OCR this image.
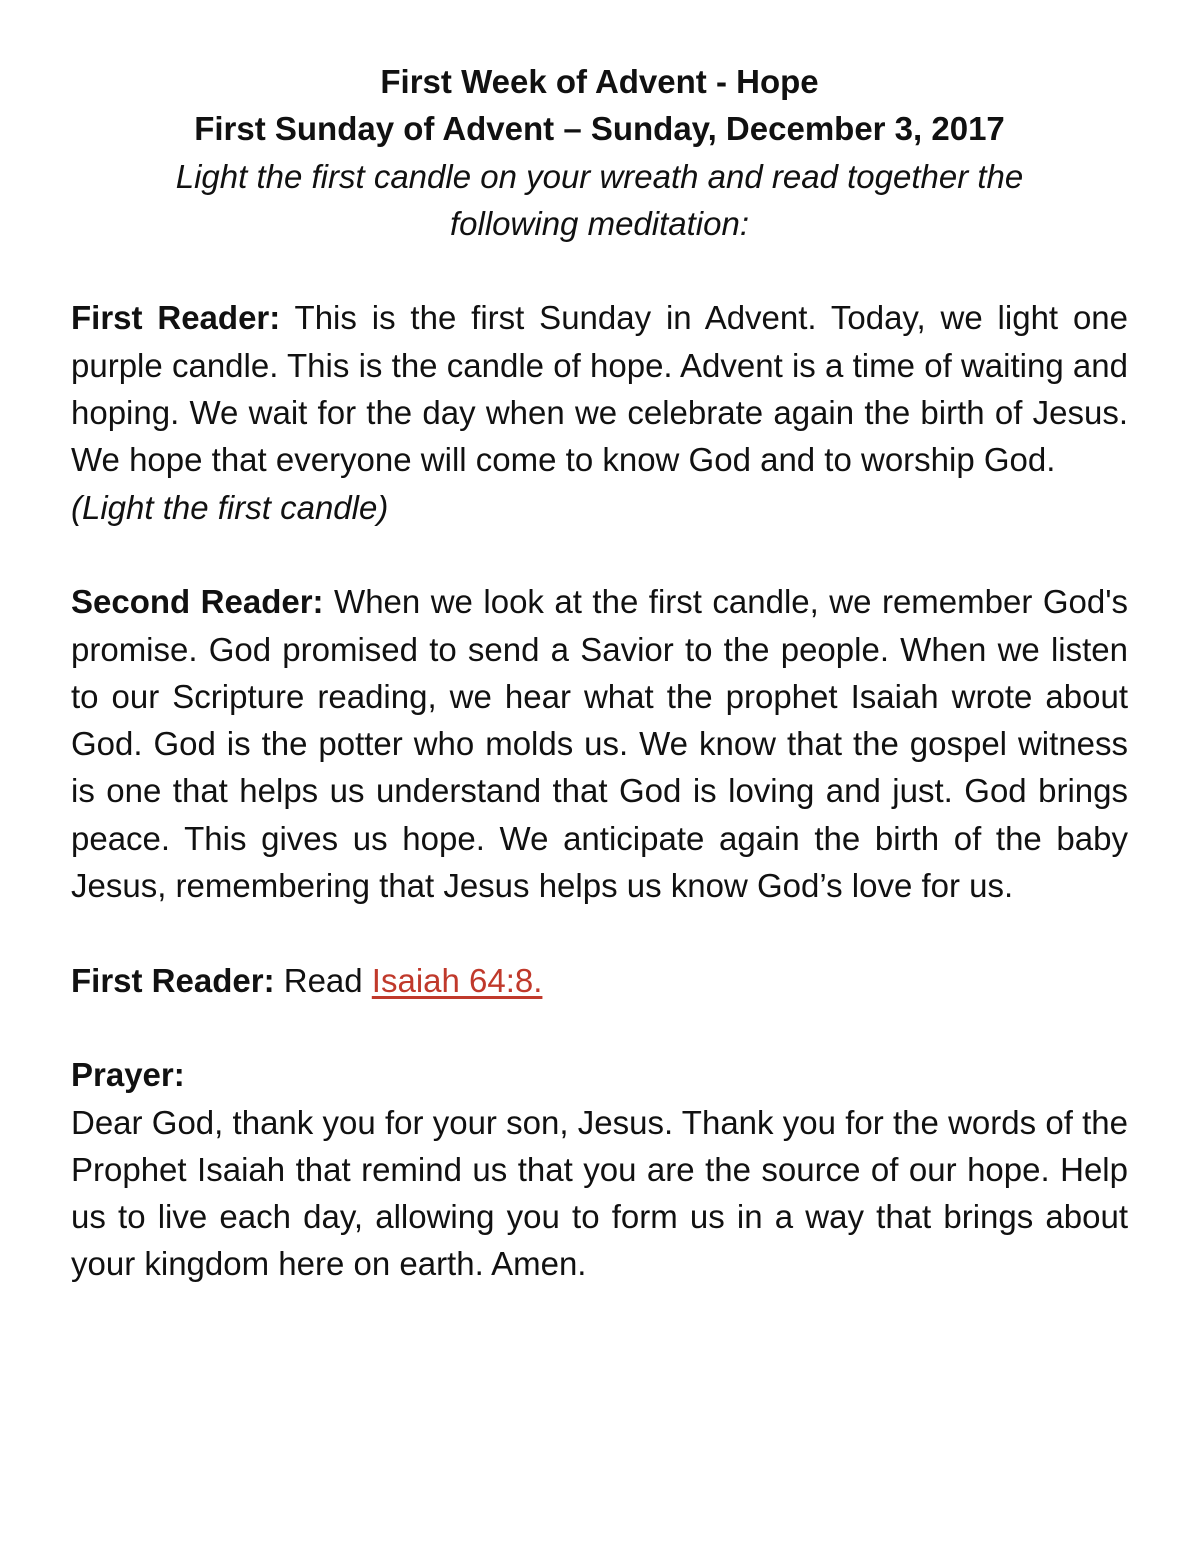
First Week of Advent - Hope
First Sunday of Advent – Sunday, December 3, 2017
Light the first candle on your wreath and read together the following meditation:

First Reader: This is the first Sunday in Advent. Today, we light one purple candle. This is the candle of hope. Advent is a time of waiting and hoping. We wait for the day when we celebrate again the birth of Jesus. We hope that everyone will come to know God and to worship God.

(Light the first candle)

Second Reader: When we look at the first candle, we remember God's promise. God promised to send a Savior to the people. When we listen to our Scripture reading, we hear what the prophet Isaiah wrote about God. God is the potter who molds us. We know that the gospel witness is one that helps us understand that God is loving and just. God brings peace. This gives us hope. We anticipate again the birth of the baby Jesus, remembering that Jesus helps us know God’s love for us.

First Reader: Read Isaiah 64:8.

Prayer:

Dear God, thank you for your son, Jesus. Thank you for the words of the Prophet Isaiah that remind us that you are the source of our hope. Help us to live each day, allowing you to form us in a way that brings about your kingdom here on earth. Amen.
